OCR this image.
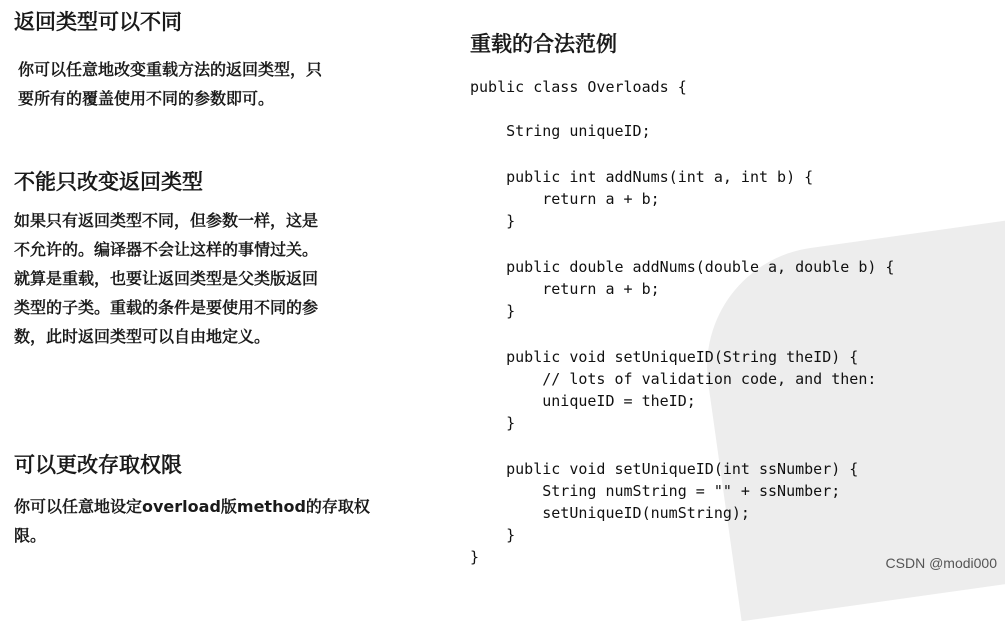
返回类型可以不同
你可以任意地改变重载方法的返回类型，只
要所有的覆盖使用不同的参数即可。
不能只改变返回类型
如果只有返回类型不同，但参数一样，这是
不允许的。编译器不会让这样的事情过关。
就算是重载，也要让返回类型是父类版返回
类型的子类。重载的条件是要使用不同的参
数，此时返回类型可以自由地定义。
可以更改存取权限
你可以任意地设定overload版method的存取权
限。
重载的合法范例
public class Overloads {
String uniqueID;
public int addNums(int a, int b) {
return a + b;
}
public double addNums(double a, double b) {
return a + b;
}
public void setUniqueID(String theID) {
// lots of validation code, and then:
uniqueID = theID;
}
public void setUniqueID(int ssNumber) {
String numString = "" + ssNumber;
setUniqueID(numString);
}
}	CSDN @modi000
